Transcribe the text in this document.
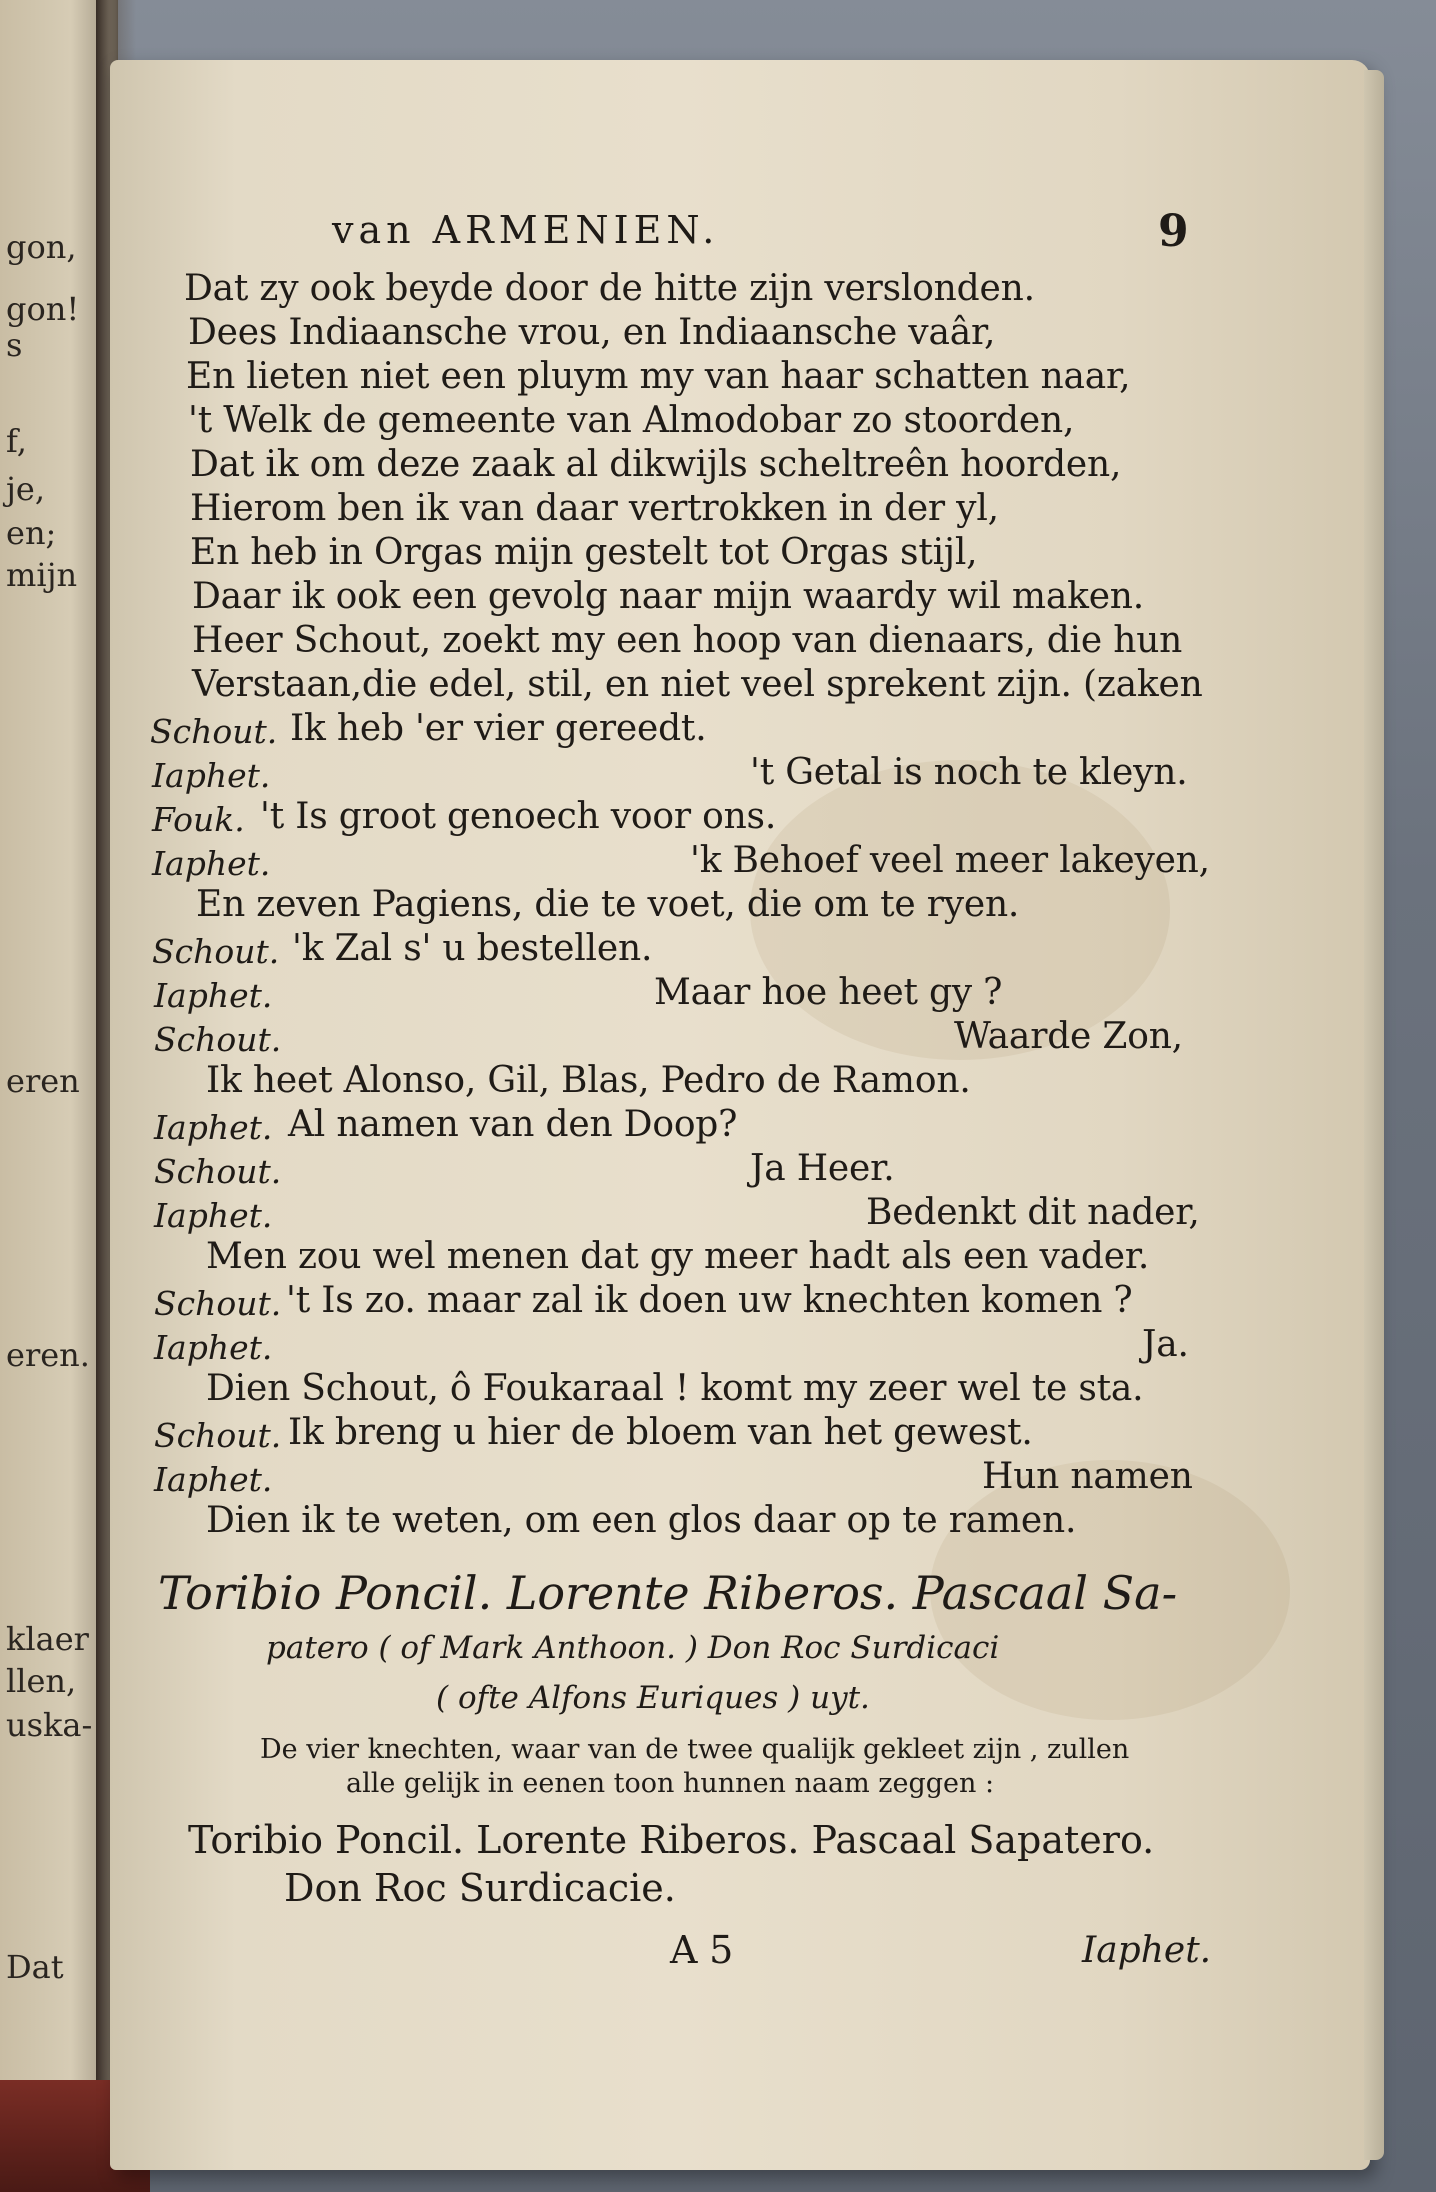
gon,
gon!
s
f,
je,
en;
mijn
eren
eren.
klaer
llen,
uska-
Dat
van ARMENIEN.	9
Dat zy ook beyde door de hitte zijn verslonden.
Dees Indiaansche vrou, en Indiaansche vaâr,
En lieten niet een pluym my van haar schatten naar,
't Welk de gemeente van Almodobar zo stoorden,
Dat ik om deze zaak al dikwijls scheltreên hoorden,
Hierom ben ik van daar vertrokken in der yl,
En heb in Orgas mijn gestelt tot Orgas stijl,
Daar ik ook een gevolg naar mijn waardy wil maken.
Heer Schout, zoekt my een hoop van dienaars, die hun
Verstaan,die edel, stil, en niet veel sprekent zijn. (zaken
Schout. Ik heb 'er vier gereedt.
Iaphet.	't Getal is noch te kleyn.
Fouk. 't Is groot genoech voor ons.
Iaphet.	'k Behoef veel meer lakeyen,
En zeven Pagiens, die te voet, die om te ryen.
Schout. 'k Zal s' u bestellen.
Iaphet.	Maar hoe heet gy ?
Schout.	Waarde Zon,
Ik heet Alonso, Gil, Blas, Pedro de Ramon.
Iaphet. Al namen van den Doop?
Schout.	Ja Heer.
Iaphet.	Bedenkt dit nader,
Men zou wel menen dat gy meer hadt als een vader.
Schout. 't Is zo. maar zal ik doen uw knechten komen ?
Iaphet.	Ja.
Dien Schout, ô Foukaraal ! komt my zeer wel te sta.
Schout. Ik breng u hier de bloem van het gewest.
Iaphet.	Hun namen
Dien ik te weten, om een glos daar op te ramen.
Toribio Poncil. Lorente Riberos. Pascaal Sa-
patero ( of Mark Anthoon. ) Don Roc Surdicaci
( ofte Alfons Euriques ) uyt.
De vier knechten, waar van de twee qualijk gekleet zijn , zullen
alle gelijk in eenen toon hunnen naam zeggen :
Toribio Poncil. Lorente Riberos. Pascaal Sapatero.
Don Roc Surdicacie.
A 5	Iaphet.
